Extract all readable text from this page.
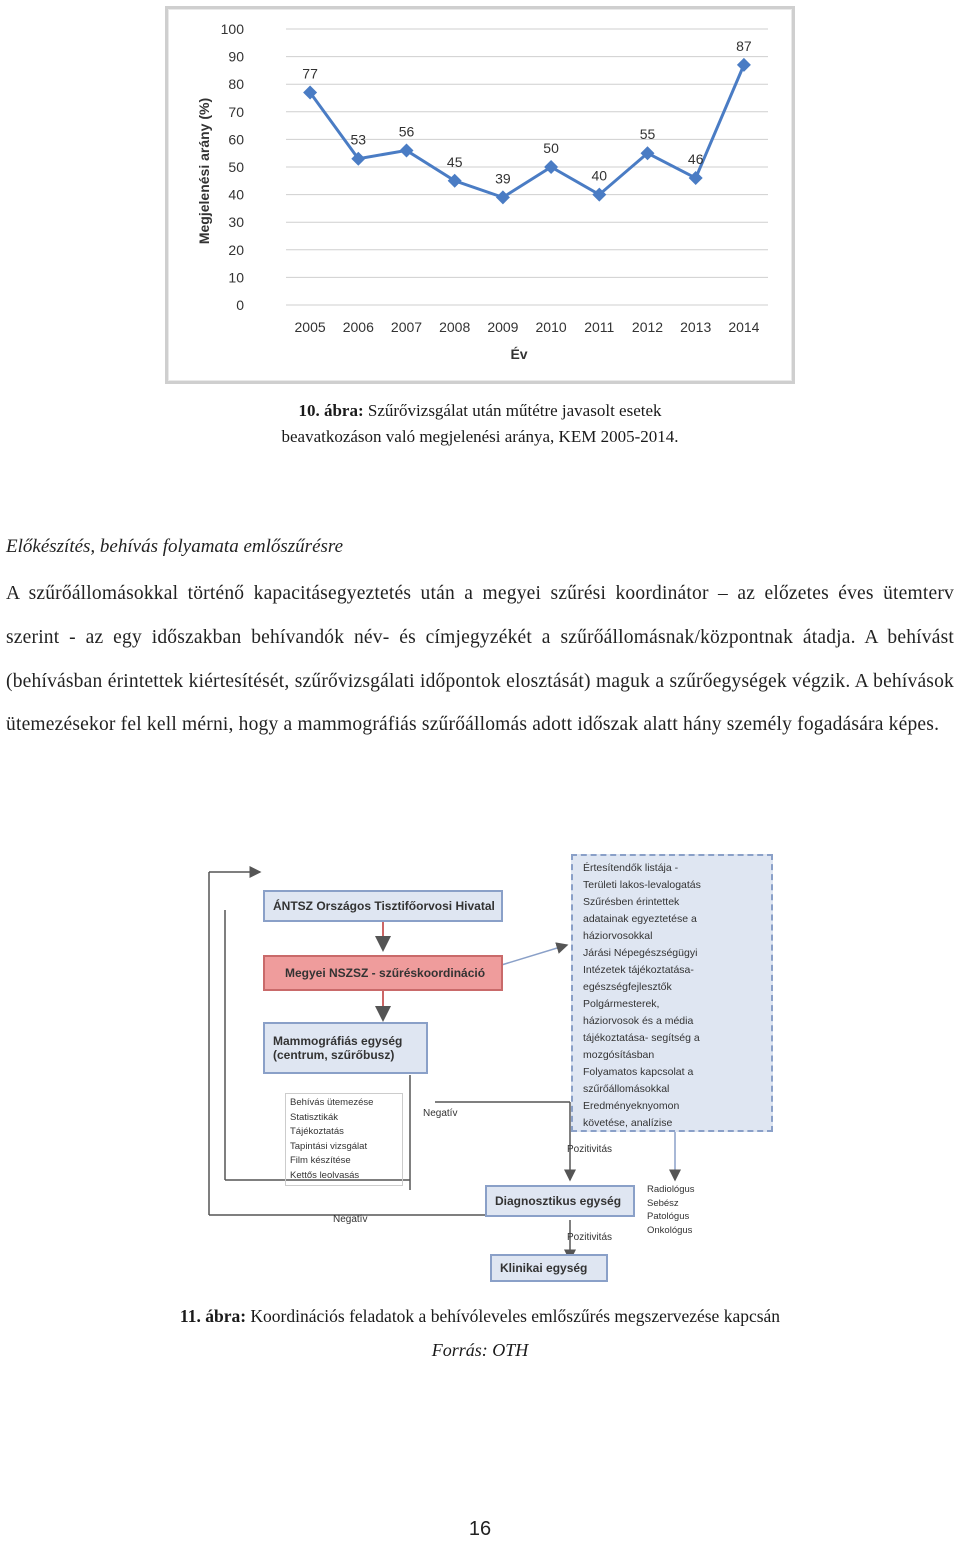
0
10
20
30
40
50
60
70
80
90
100
2005 2006 2007 2008 2009 2010 2011 2012 2013 2014
77
53
56
45
39
50
40
55
46
87
Megjelenési arány (%)
Év
10. ábra: Szűrővizsgálat után műtétre javasolt esetek
beavatkozáson való megjelenési aránya, KEM 2005-2014.
Előkészítés, behívás folyamata emlőszűrésre
A szűrőállomásokkal történő kapacitásegyeztetés után a megyei szűrési koordinátor – az előzetes éves ütemterv szerint - az egy időszakban behívandók név- és címjegyzékét a szűrőállomásnak/központnak átadja. A behívást (behívásban érintettek kiértesítését, szűrővizsgálati időpontok elosztását) maguk a szűrőegységek végzik. A behívások ütemezésekor fel kell mérni, hogy a mammográfiás szűrőállomás adott időszak alatt hány személy fogadására képes.
ÁNTSZ Országos Tisztifőorvosi Hivatal
Megyei NSZSZ - szűréskoordináció
Mammográfiás egység
(centrum, szűrőbusz)
Behívás ütemezése
Statisztikák
Tájékoztatás
Tapintási vizsgálat
Film készítése
Kettős leolvasás
Negatív
Negatív
Pozitivitás
Pozitivitás
Diagnosztikus egység
Radiológus
Sebész
Patológus
Onkológus
Klinikai egység
Értesítendők listája -
Területi lakos-levalogatás
Szűrésben érintettek
adatainak egyeztetése a
háziorvosokkal
Járási Népegészségügyi
Intézetek tájékoztatása-
egészségfejlesztők
Polgármesterek,
háziorvosok és a média
tájékoztatása- segítség a
mozgósításban
Folyamatos kapcsolat a
szűrőállomásokkal
Eredményeknyomon
követése, analízise
11. ábra: Koordinációs feladatok a behívóleveles emlőszűrés megszervezése kapcsán
Forrás: OTH
16
